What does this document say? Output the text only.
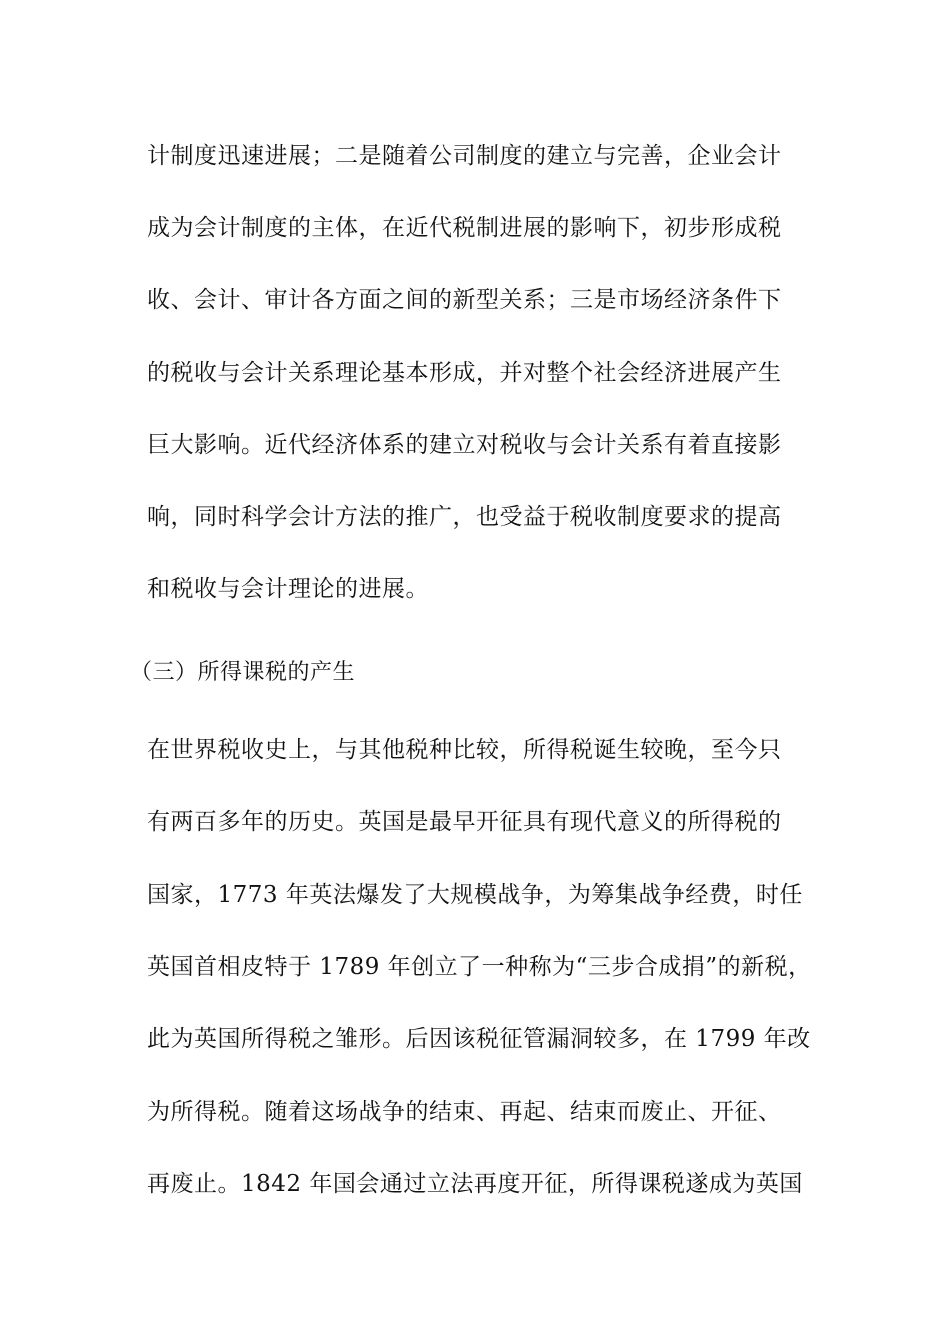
计制度迅速进展；二是随着公司制度的建立与完善，企业会计
成为会计制度的主体，在近代税制进展的影响下，初步形成税
收、会计、审计各方面之间的新型关系；三是市场经济条件下
的税收与会计关系理论基本形成，并对整个社会经济进展产生
巨大影响。近代经济体系的建立对税收与会计关系有着直接影
响，同时科学会计方法的推广，也受益于税收制度要求的提高
和税收与会计理论的进展。
（三）所得课税的产生
在世界税收史上，与其他税种比较，所得税诞生较晚，至今只
有两百多年的历史。英国是最早开征具有现代意义的所得税的
国家，1773 年英法爆发了大规模战争，为筹集战争经费，时任
英国首相皮特于 1789 年创立了一种称为“三步合成捐”的新税，
此为英国所得税之雏形。后因该税征管漏洞较多，在 1799 年改
为所得税。随着这场战争的结束、再起、结束而废止、开征、
再废止。1842 年国会通过立法再度开征，所得课税遂成为英国
